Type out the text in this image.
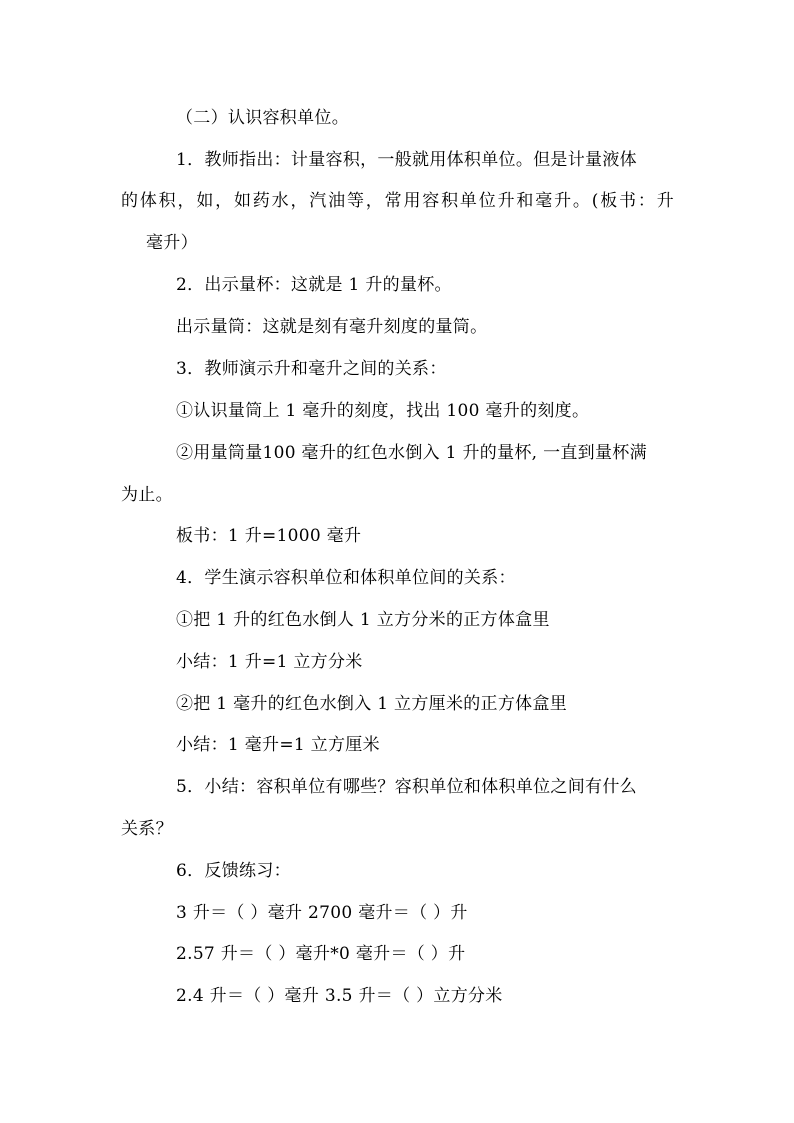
（二）认识容积单位。
1．教师指出：计量容积，一般就用体积单位。但是计量液体
的体积，如，如药水，汽油等，常用容积单位升和毫升。(板书：升
毫升）
2．出示量杯：这就是 1 升的量杯。
出示量筒：这就是刻有毫升刻度的量筒。
3．教师演示升和毫升之间的关系：
①认识量筒上 1 毫升的刻度，找出 100 毫升的刻度。
②用量筒量100 毫升的红色水倒入 1 升的量杯, 一直到量杯满
为止。
板书：1 升=1000 毫升
4．学生演示容积单位和体积单位间的关系：
①把 1 升的红色水倒人 1 立方分米的正方体盒里
小结：1 升=1 立方分米
②把 1 毫升的红色水倒入 1 立方厘米的正方体盒里
小结：1 毫升=1 立方厘米
5．小结：容积单位有哪些？容积单位和体积单位之间有什么
关系？
6．反馈练习：
3 升＝（ ）毫升 2700 毫升＝（ ）升
2.57 升＝（ ）毫升*0 毫升＝（ ）升
2.4 升＝（ ）毫升 3.5 升＝（ ）立方分米
